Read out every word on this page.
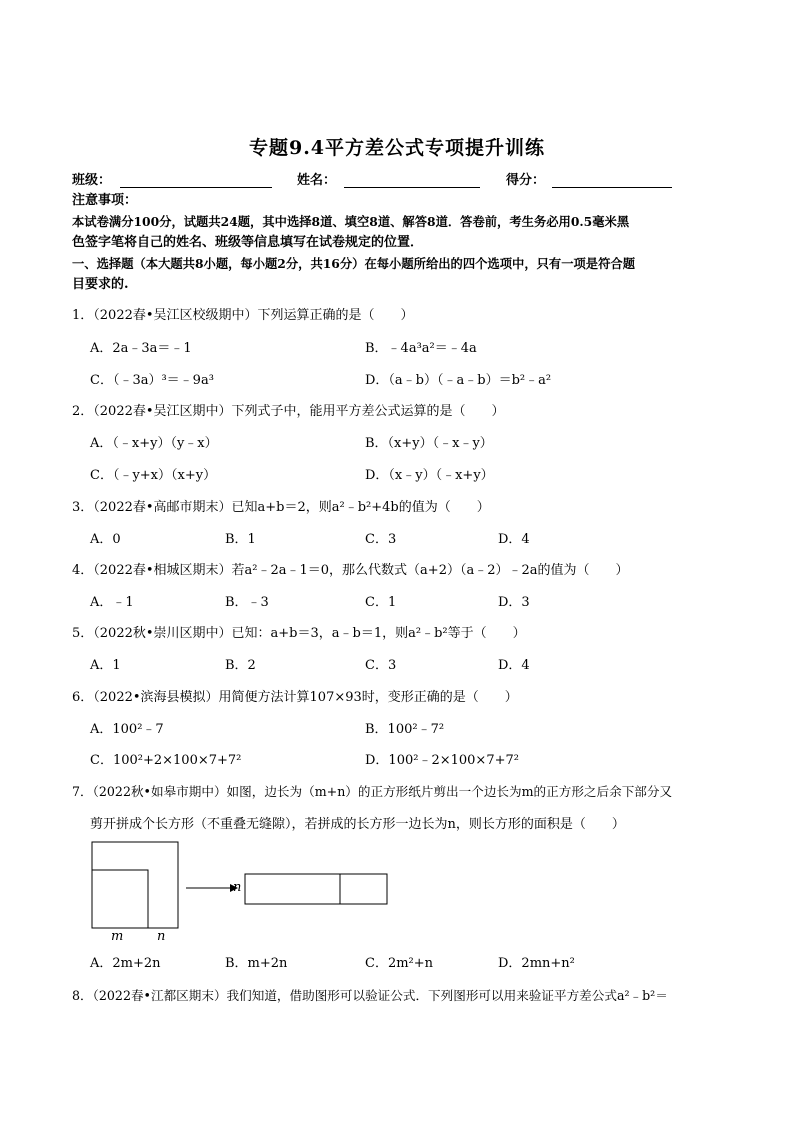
专题9.4平方差公式专项提升训练
班级：	姓名：	得分：
注意事项：
本试卷满分100分，试题共24题，其中选择8道、填空8道、解答8道．答卷前，考生务必用0.5毫米黑
色签字笔将自己的姓名、班级等信息填写在试卷规定的位置．
一、选择题（本大题共8小题，每小题2分，共16分）在每小题所给出的四个选项中，只有一项是符合题
目要求的.
1．（2022春•吴江区校级期中）下列运算正确的是（　　）
A．2a﹣3a＝﹣1	B．﹣4a³a²＝﹣4a
C．（﹣3a）³＝﹣9a³	D．（a﹣b）（﹣a﹣b）＝b²﹣a²
2．（2022春•吴江区期中）下列式子中，能用平方差公式运算的是（　　）
A．（﹣x+y）（y﹣x）	B．（x+y）（﹣x﹣y）
C．（﹣y+x）（x+y）	D．（x﹣y）（﹣x+y）
3．（2022春•高邮市期末）已知a+b＝2，则a²﹣b²+4b的值为（　　）
A．0	B．1	C．3	D．4
4．（2022春•相城区期末）若a²﹣2a﹣1＝0，那么代数式（a+2）（a﹣2）﹣2a的值为（　　）
A．﹣1	B．﹣3	C．1	D．3
5．（2022秋•崇川区期中）已知：a+b＝3，a﹣b＝1，则a²﹣b²等于（　　）
A．1	B．2	C．3	D．4
6．（2022•滨海县模拟）用简便方法计算107×93时，变形正确的是（　　）
A．100²﹣7	B．100²﹣7²
C．100²+2×100×7+7²	D．100²﹣2×100×7+7²
7．（2022秋•如皋市期中）如图，边长为（m+n）的正方形纸片剪出一个边长为m的正方形之后余下部分又
剪开拼成个长方形（不重叠无缝隙），若拼成的长方形一边长为n，则长方形的面积是（　　）
n
m	n
A．2m+2n	B．m+2n	C．2m²+n	D．2mn+n²
8．（2022春•江都区期末）我们知道，借助图形可以验证公式．下列图形可以用来验证平方差公式a²﹣b²＝
